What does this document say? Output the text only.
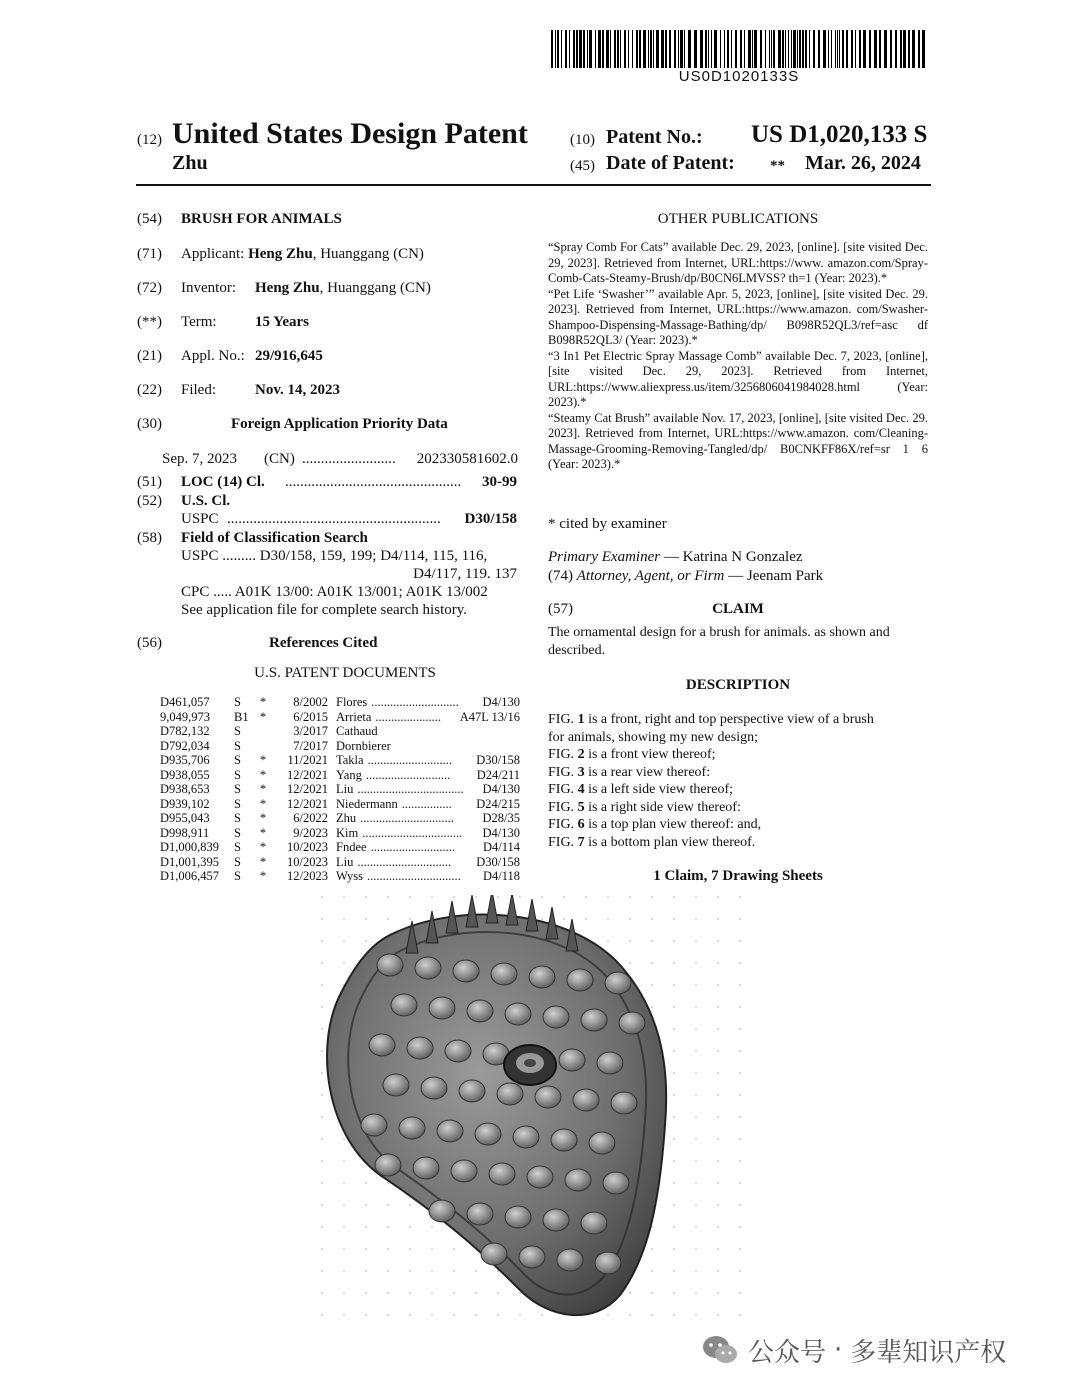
US0D1020133S
(12) United States Design Patent
Zhu
(10) Patent No.: US D1,020,133 S
(45) Date of Patent: ** Mar. 26, 2024
(54) BRUSH FOR ANIMALS
(71) Applicant: Heng Zhu, Huanggang (CN)
(72) Inventor: Heng Zhu, Huanggang (CN)
(**) Term:	15 Years
(21) Appl. No.: 29/916,645
(22) Filed:	Nov. 14, 2023
(30)	Foreign Application Priority Data
Sep. 7, 2023	(CN) .........................	202330581602.0
(51)	LOC (14) Cl.	...............................................	30-99
(52) U.S. Cl.
USPC .........................................................	D30/158
(58) Field of Classification Search
USPC ......... D30/158, 159, 199; D4/114, 115, 116,
D4/117, 119. 137
CPC ..... A01K 13/00: A01K 13/001; A01K 13/002
See application file for complete search history.
(56)	References Cited
U.S. PATENT DOCUMENTS
D461,057	S	*	8/2002 Flores ............................	D4/130
9,049,973	B1 *	6/2015 Arrieta .....................	A47L 13/16
D782,132	S	3/2017 Cathaud
D792,034	S	7/2017 Dornbierer
D935,706	S	*	11/2021 Takla ...........................	D30/158
D938,055	S	*	12/2021 Yang ...........................	D24/211
D938,653	S	*	12/2021 Liu ..................................	D4/130
D939,102	S	*	12/2021 Niedermann ................	D24/215
D955,043	S	*	6/2022 Zhu ..............................	D28/35
D998,911	S	*	9/2023 Kim ................................	D4/130
D1,000,839	S	*	10/2023 Fndee ...........................	D4/114
D1,001,395	S	*	10/2023 Liu ..............................	D30/158
D1,006,457	S	*	12/2023 Wyss ..............................	D4/118
OTHER PUBLICATIONS

“Spray Comb For Cats” available Dec. 29, 2023, [online]. [site visited Dec. 29, 2023]. Retrieved from Internet, URL:https://www. amazon.com/Spray-Comb-Cats-Steamy-Brush/dp/B0CN6LMVSS? th=1 (Year: 2023).*

“Pet Life ‘Swasher’” available Apr. 5, 2023, [online], [site visited Dec. 29. 2023]. Retrieved from Internet, URL:https://www.amazon. com/Swasher-Shampoo-Dispensing-Massage-Bathing/dp/ B098R52QL3/ref=asc df B098R52QL3/ (Year: 2023).*

“3 In1 Pet Electric Spray Massage Comb” available Dec. 7, 2023, [online], [site visited Dec. 29, 2023]. Retrieved from Internet, URL:https://www.aliexpress.us/item/3256806041984028.html (Year: 2023).*

“Steamy Cat Brush” available Nov. 17, 2023, [online], [site visited Dec. 29. 2023]. Retrieved from Internet, URL:https://www.amazon. com/Cleaning-Massage-Grooming-Removing-Tangled/dp/ B0CNKFF86X/ref=sr 1 6 (Year: 2023).*

* cited by examiner
Primary Examiner — Katrina N Gonzalez
(74) Attorney, Agent, or Firm — Jeenam Park
(57)	CLAIM
The ornamental design for a brush for animals. as shown and described.
DESCRIPTION
FIG. 1 is a front, right and top perspective view of a brush
for animals, showing my new design;
FIG. 2 is a front view thereof;
FIG. 3 is a rear view thereof:
FIG. 4 is a left side view thereof;
FIG. 5 is a right side view thereof:
FIG. 6 is a top plan view thereof: and,
FIG. 7 is a bottom plan view thereof.
1 Claim, 7 Drawing Sheets
公众号 · 多辈知识产权
